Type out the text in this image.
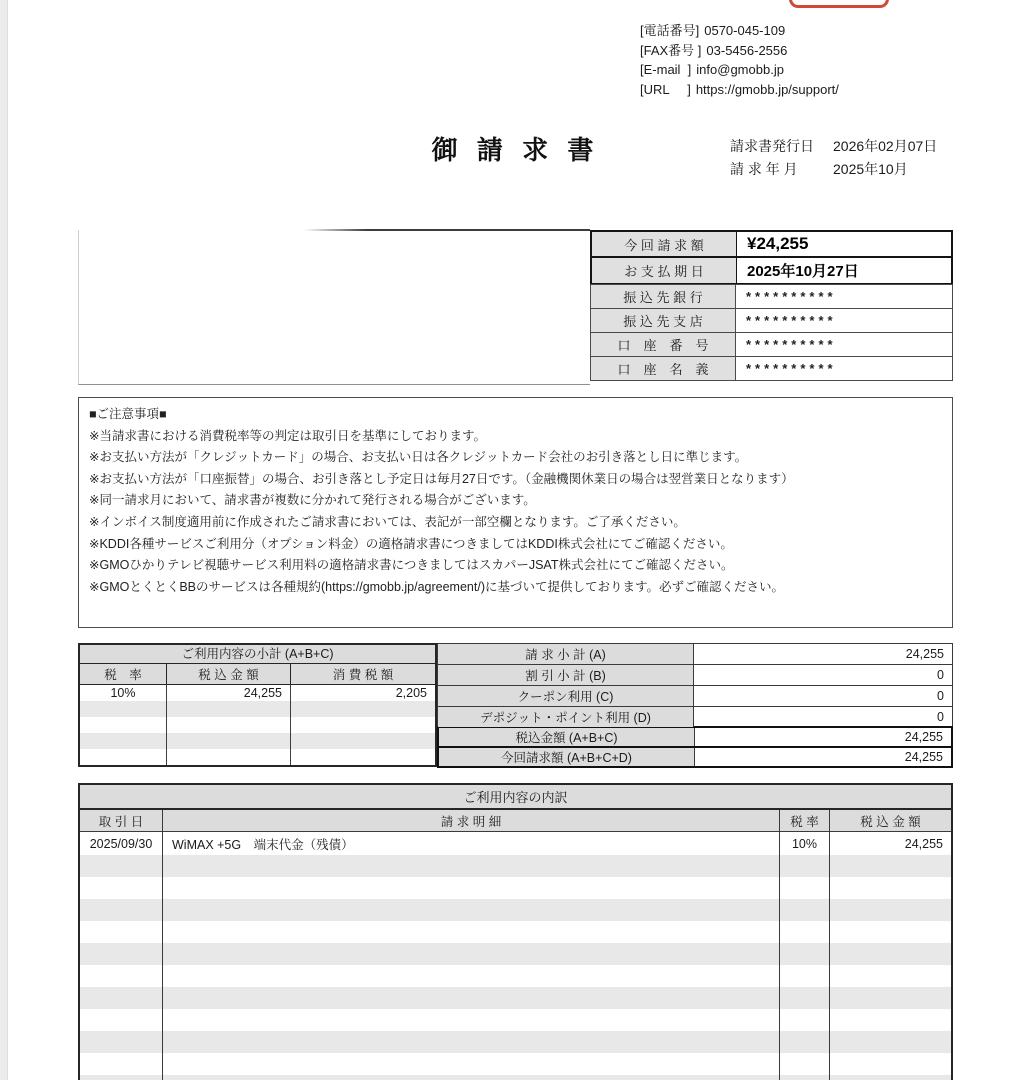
[電話番号] 0570-045-109
[FAX番号 ] 03-5456-2556
[E-mail  ] info@gmobb.jp
[URL     ] https://gmobb.jp/support/
御 請 求 書	請求書発行日	2026年02月07日
請 求 年 月	2025年10月
今 回 請 求 額	¥24,255
お 支 払 期 日	2025年10月27日
振 込 先 銀 行	**********
振 込 先 支 店	**********
口　座　番　号	**********
口　座　名　義	**********
■ご注意事項■
※当請求書における消費税率等の判定は取引日を基準にしております。
※お支払い方法が「クレジットカード」の場合、お支払い日は各クレジットカード会社のお引き落とし日に準じます。
※お支払い方法が「口座振替」の場合、お引き落とし予定日は毎月27日です。（金融機関休業日の場合は翌営業日となります）
※同一請求月において、請求書が複数に分かれて発行される場合がございます。
※インボイス制度適用前に作成されたご請求書においては、表記が一部空欄となります。ご了承ください。
※KDDI各種サービスご利用分（オプション料金）の適格請求書につきましてはKDDI株式会社にてご確認ください。
※GMOひかりテレビ視聴サービス利用料の適格請求書につきましてはスカパーJSAT株式会社にてご確認ください。
※GMOとくとくBBのサービスは各種規約(https://gmobb.jp/agreement/)に基づいて提供しております。必ずご確認ください。
ご利用内容の小計 (A+B+C)
税　率	税 込 金 額	消 費 税 額
10%	24,255	2,205
請 求 小 計 (A)	24,255
割 引 小 計 (B)	0
クーポン利用 (C)	0
デポジット・ポイント利用 (D)	0
税込金額 (A+B+C)	24,255
今回請求額 (A+B+C+D)	24,255
ご利用内容の内訳
取 引 日	請 求 明 細	税 率	税 込 金 額
2025/09/30	WiMAX +5G　端末代金（残債）	10%	24,255
